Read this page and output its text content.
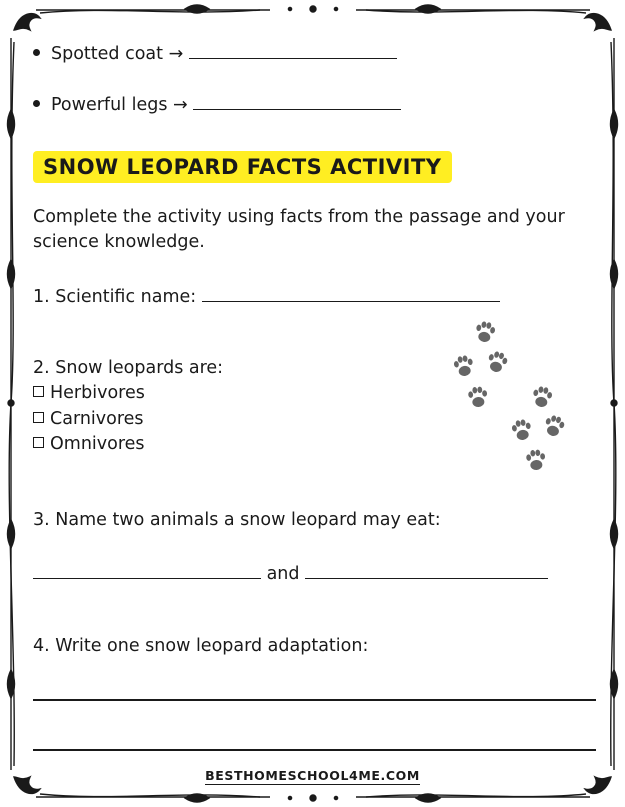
Spotted coat →
Powerful legs →
SNOW LEOPARD FACTS ACTIVITY
Complete the activity using facts from the passage and your
science knowledge.
1. Scientific name:
2. Snow leopards are:
Herbivores
Carnivores
Omnivores
3. Name two animals a snow leopard may eat:
and
4. Write one snow leopard adaptation:
BESTHOMESCHOOL4ME.COM
